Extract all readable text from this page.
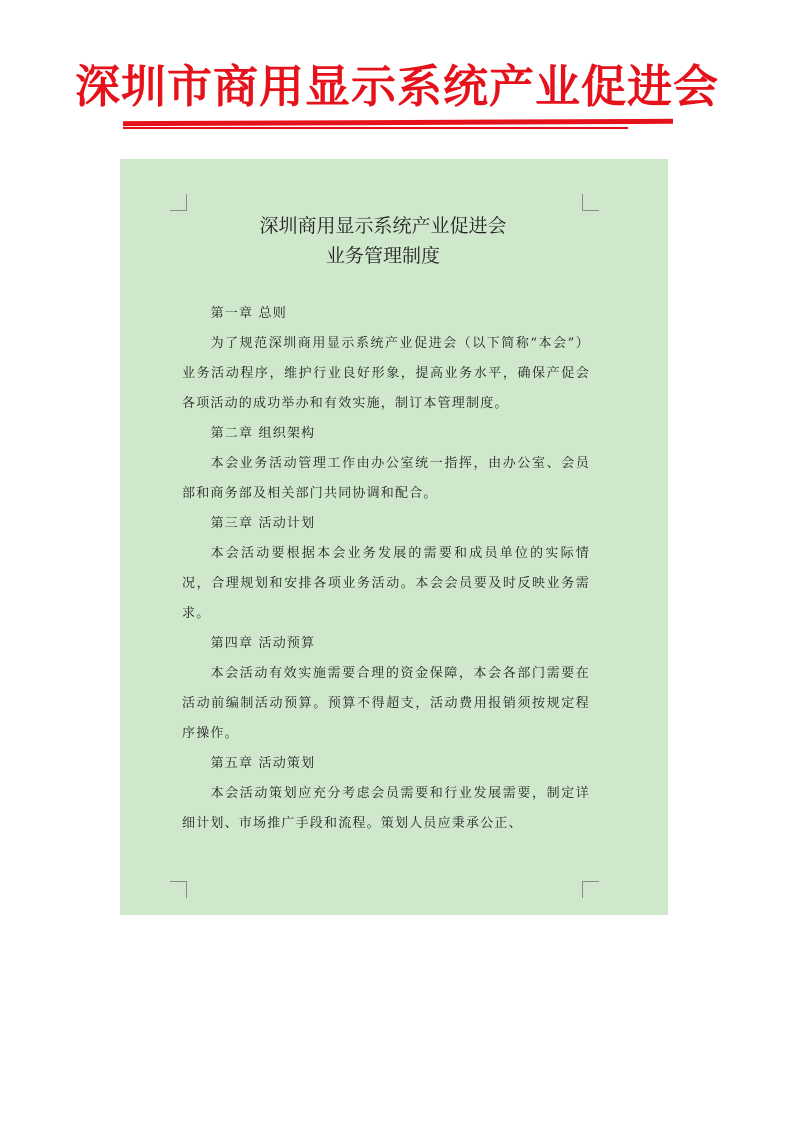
深圳市商用显示系统产业促进会
深圳商用显示系统产业促进会
业务管理制度

第一章 总则

为了规范深圳商用显示系统产业促进会（以下简称“本会”）业务活动程序，维护行业良好形象，提高业务水平，确保产促会各项活动的成功举办和有效实施，制订本管理制度。

第二章 组织架构

本会业务活动管理工作由办公室统一指挥，由办公室、会员部和商务部及相关部门共同协调和配合。

第三章 活动计划

本会活动要根据本会业务发展的需要和成员单位的实际情况，合理规划和安排各项业务活动。本会会员要及时反映业务需求。

第四章 活动预算

本会活动有效实施需要合理的资金保障，本会各部门需要在活动前编制活动预算。预算不得超支，活动费用报销须按规定程序操作。

第五章 活动策划

本会活动策划应充分考虑会员需要和行业发展需要，制定详细计划、市场推广手段和流程。策划人员应秉承公正、
